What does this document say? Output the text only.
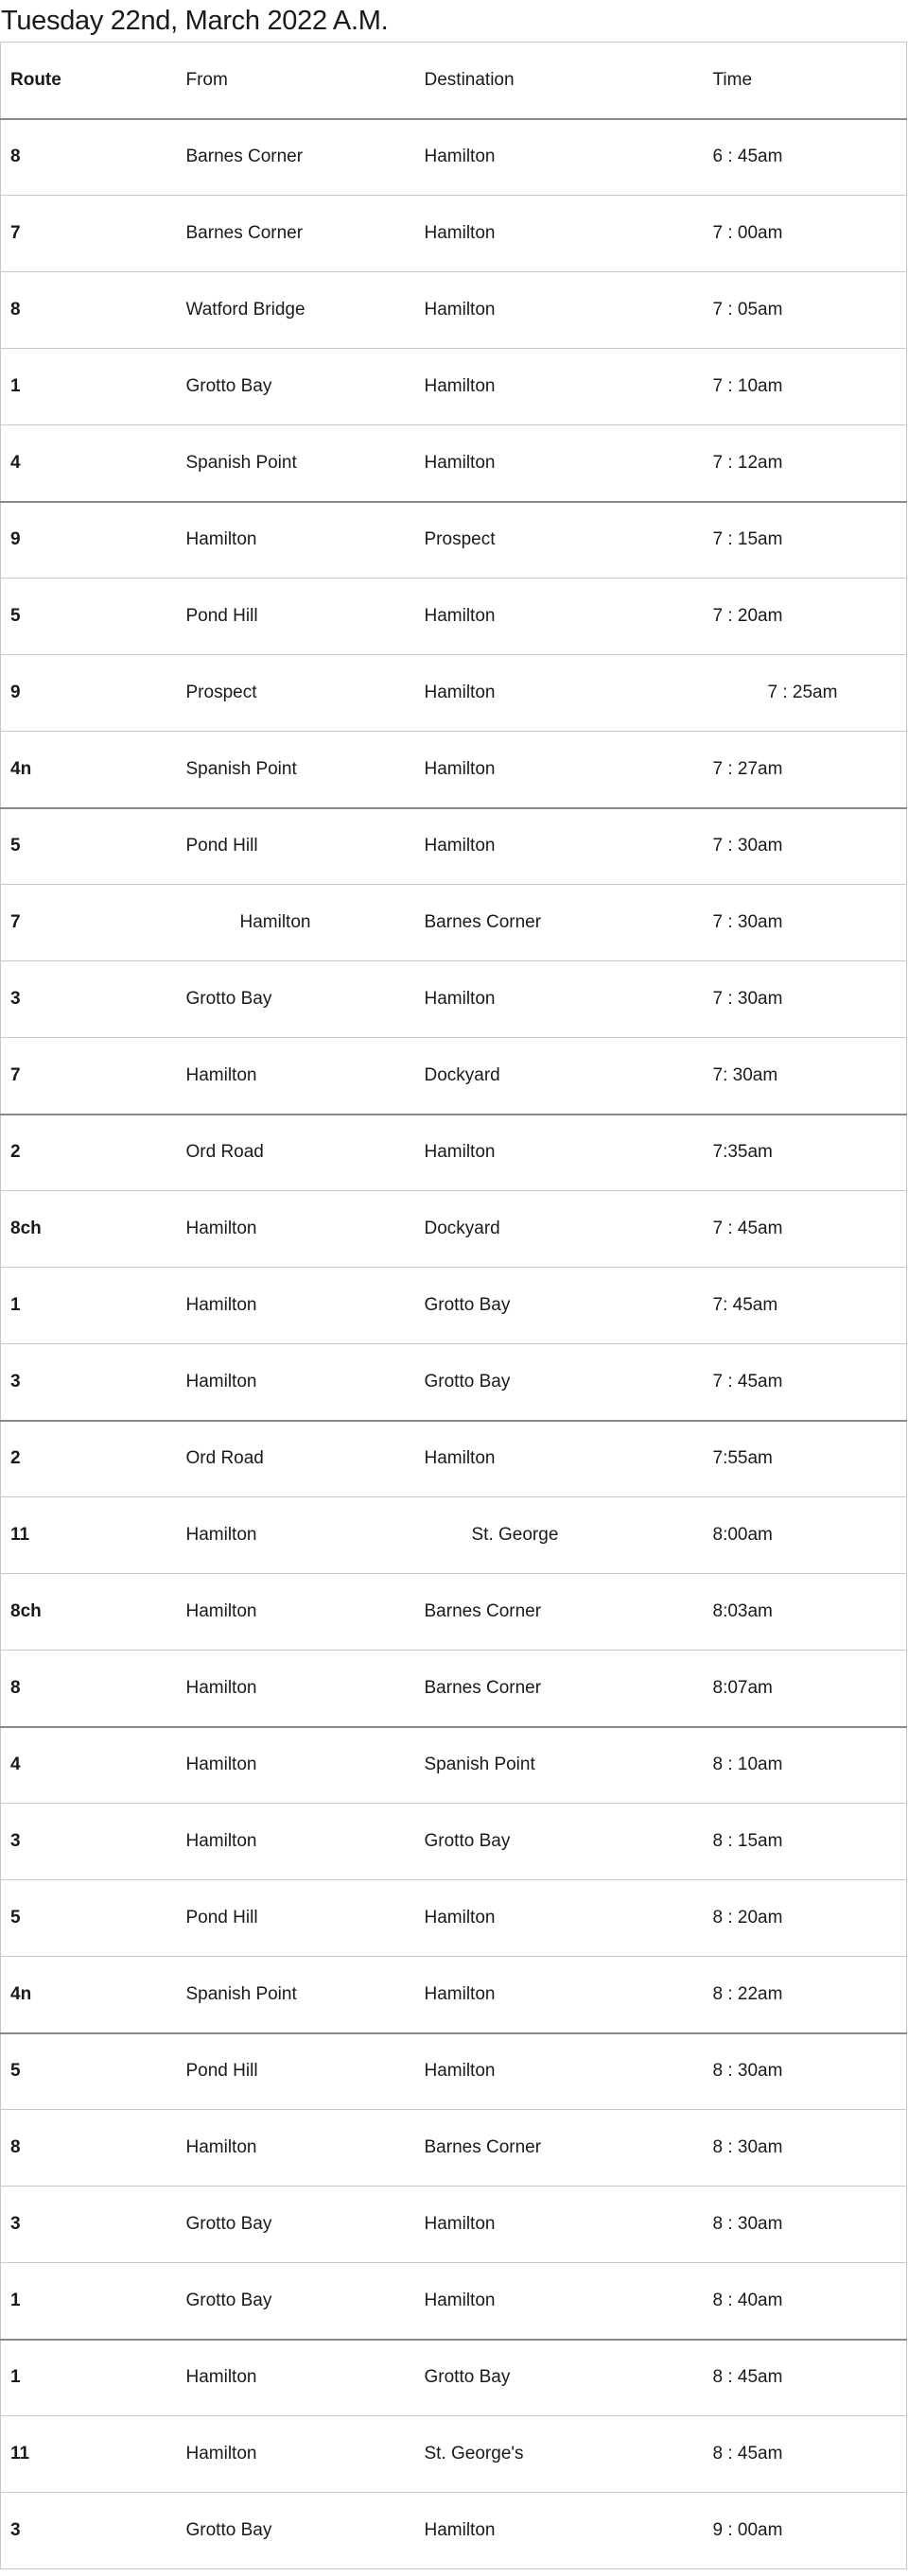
Tuesday 22nd, March 2022 A.M.
Route	From	Destination	Time
8	Barnes Corner	Hamilton	6 : 45am
7	Barnes Corner	Hamilton	7 : 00am
8	Watford Bridge	Hamilton	7 : 05am
1	Grotto Bay	Hamilton	7 : 10am
4	Spanish Point	Hamilton	7 : 12am
9	Hamilton	Prospect	7 : 15am
5	Pond Hill	Hamilton	7 : 20am
9	Prospect	Hamilton	7 : 25am
4n	Spanish Point	Hamilton	7 : 27am
5	Pond Hill	Hamilton	7 : 30am
7	Hamilton	Barnes Corner	7 : 30am
3	Grotto Bay	Hamilton	7 : 30am
7	Hamilton	Dockyard	7: 30am
2	Ord Road	Hamilton	7:35am
8ch	Hamilton	Dockyard	7 : 45am
1	Hamilton	Grotto Bay	7: 45am
3	Hamilton	Grotto Bay	7 : 45am
2	Ord Road	Hamilton	7:55am
11	Hamilton	St. George	8:00am
8ch	Hamilton	Barnes Corner	8:03am
8	Hamilton	Barnes Corner	8:07am
4	Hamilton	Spanish Point	8 : 10am
3	Hamilton	Grotto Bay	8 : 15am
5	Pond Hill	Hamilton	8 : 20am
4n	Spanish Point	Hamilton	8 : 22am
5	Pond Hill	Hamilton	8 : 30am
8	Hamilton	Barnes Corner	8 : 30am
3	Grotto Bay	Hamilton	8 : 30am
1	Grotto Bay	Hamilton	8 : 40am
1	Hamilton	Grotto Bay	8 : 45am
11	Hamilton	St. George's	8 : 45am
3	Grotto Bay	Hamilton	9 : 00am
